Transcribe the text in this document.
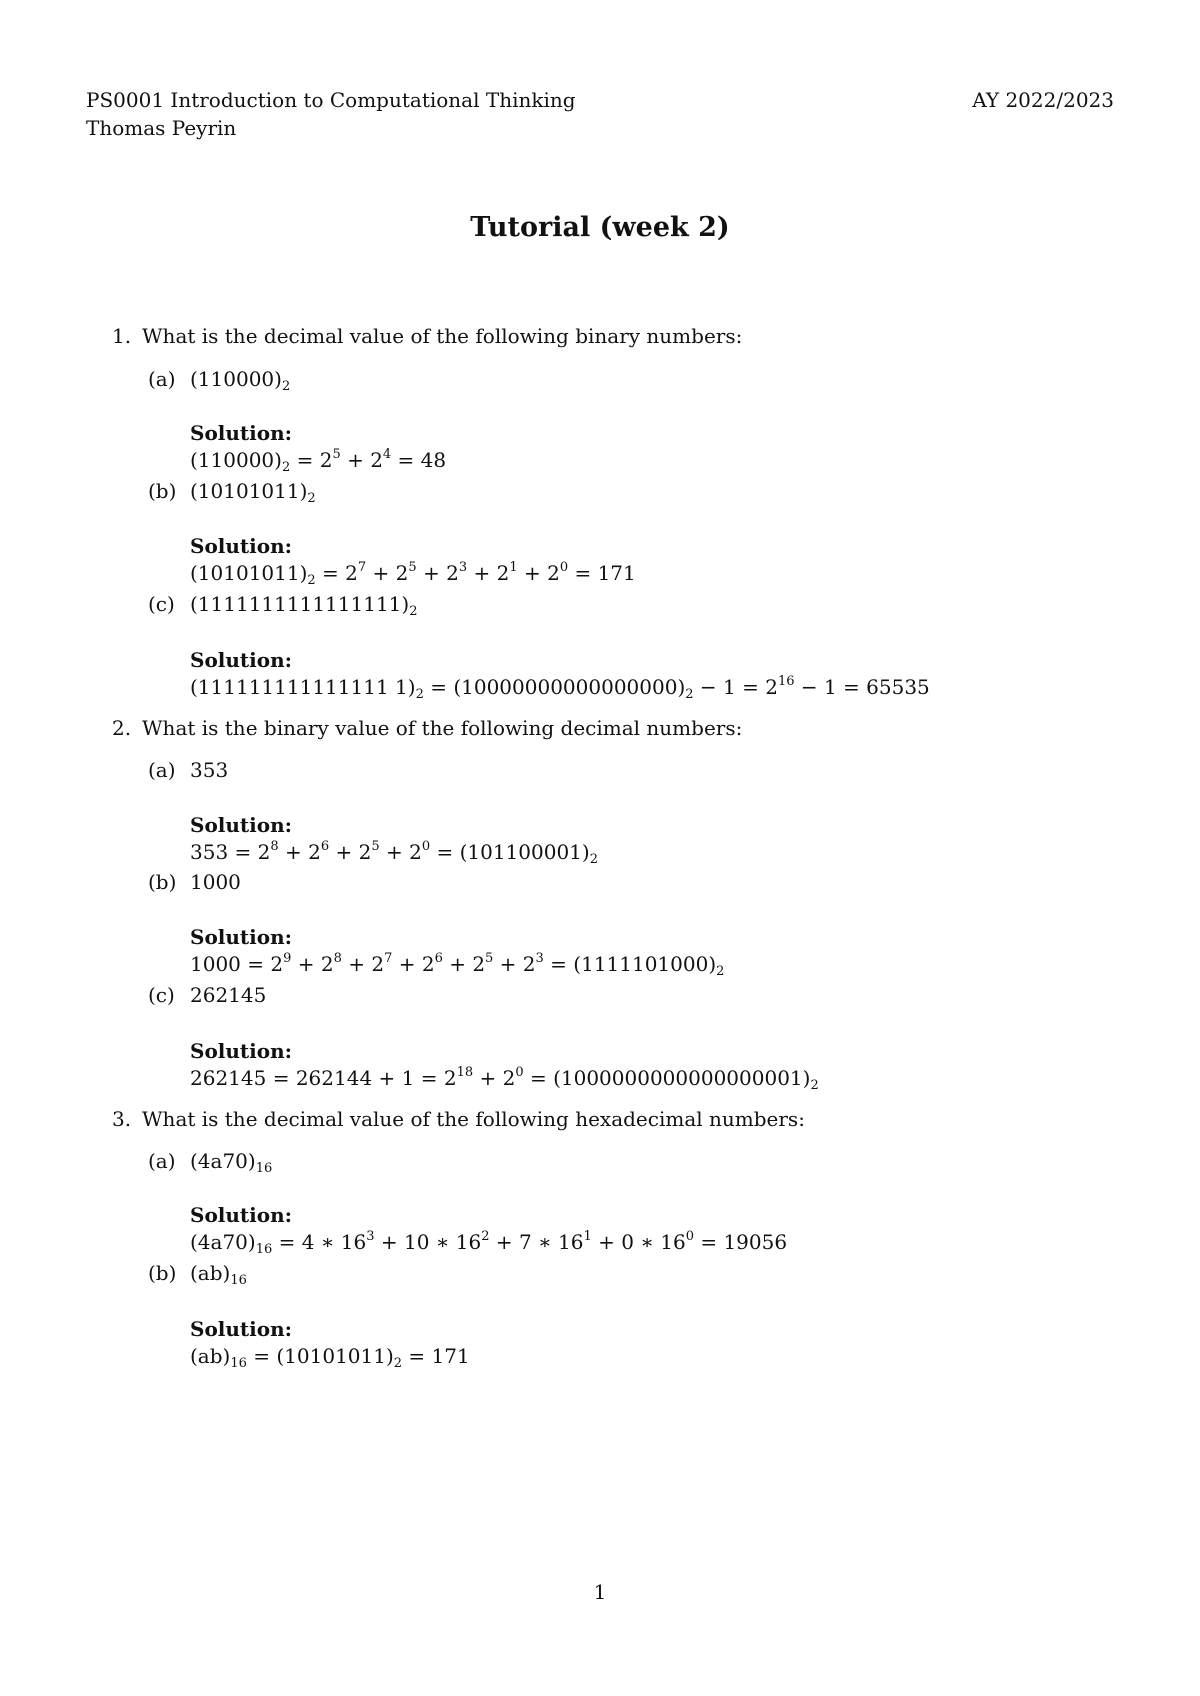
PS0001 Introduction to Computational Thinking
Thomas Peyrin
AY 2022/2023
Tutorial (week 2)
1. What is the decimal value of the following binary numbers:
(a) $(110000)_2$
Solution:
$(110000)_2 = 2^5 + 2^4 = 48$
(b) $(10101011)_2$
Solution:
$(10101011)_2 = 2^7 + 2^5 + 2^3 + 2^1 + 2^0 = 171$
(c) $(1111111111111111)_2$
Solution:
(111111111111111 $1)_2 = (10000000000000000)_2 - 1 = 2^{16} - 1 = 65535$
2. What is the binary value of the following decimal numbers:
(a) 353
Solution:
$353 = 2^8 + 2^6 + 2^5 + 2^0 = (101100001)_2$
(b) 1000
Solution:
$1000 = 2^9 + 2^8 + 2^7 + 2^6 + 2^5 + 2^3 = (1111101000)_2$
(c) 262145
Solution:
$262145 = 262144 + 1 = 2^{18} + 2^0 = (1000000000000000001)_2$
3. What is the decimal value of the following hexadecimal numbers:
(a) $(4a70)_{16}$
Solution:
$(4a70)_{16} = 4$ ∗ $16^3 + 10$ ∗ $16^2 + 7$ ∗ $16^1 + 0$ ∗ $16^0 = 19056$
(b) $(ab)_{16}$
Solution:
$(ab)_{16} = (10101011)_2 = 171$
1
